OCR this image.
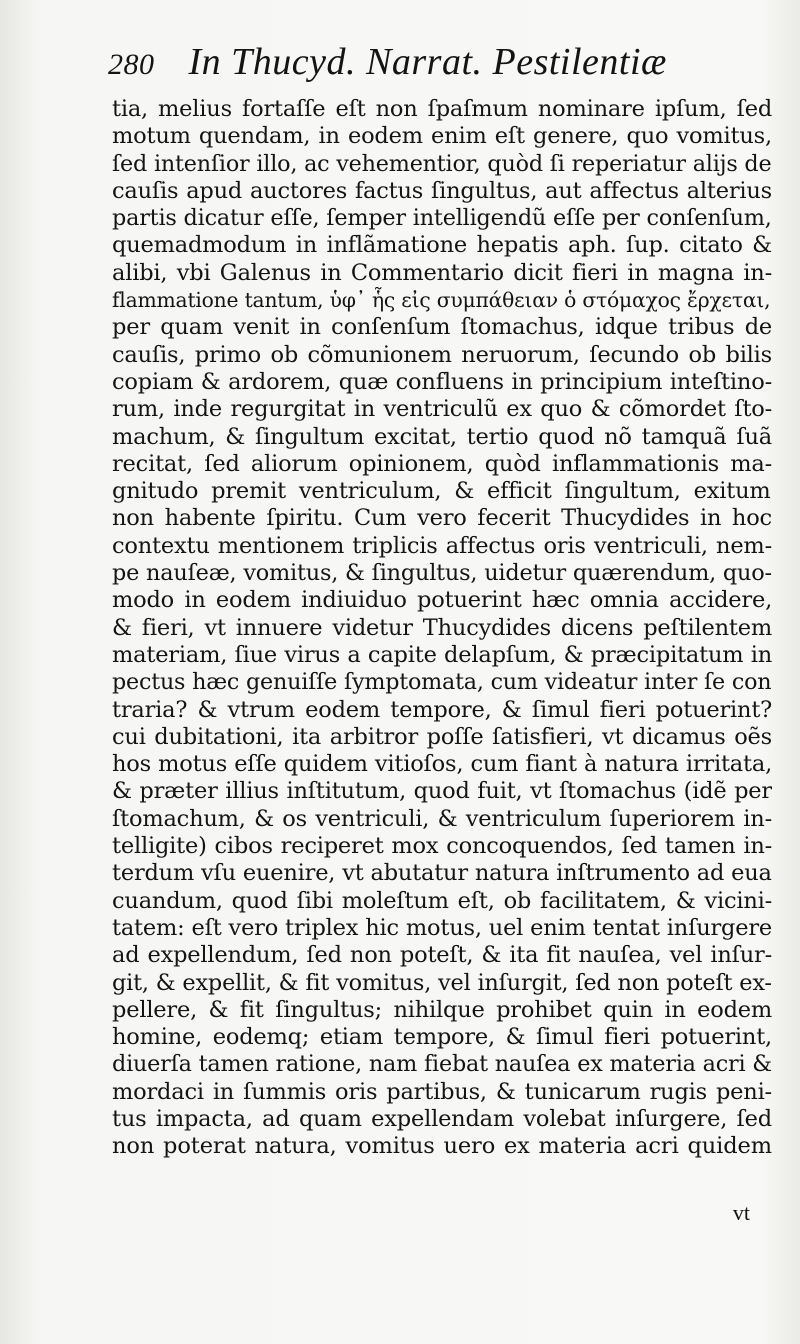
280 In Thucyd. Narrat. Pestilentiæ
tia, melius fortaſſe eſt non ſpaſmum nominare ipſum, ſed
motum quendam, in eodem enim eſt genere, quo vomitus,
ſed intenſior illo, ac vehementior, quòd ſi reperiatur alijs de
cauſis apud auctores factus ſingultus, aut affectus alterius
partis dicatur eſſe, ſemper intelligendũ eſſe per conſenſum,
quemadmodum in inflãmatione hepatis aph. ſup. citato &
alibi, vbi Galenus in Commentario dicit fieri in magna in-
flammatione tantum, ὑφ᾽ ἧς εἰς συμπάθειαν ὁ στόμαχος ἔρχεται,
per quam venit in conſenſum ſtomachus, idque tribus de
cauſis, primo ob cõmunionem neruorum, ſecundo ob bilis
copiam & ardorem, quæ confluens in principium inteſtino-
rum, inde regurgitat in ventriculũ ex quo & cõmordet ſto-
machum, & ſingultum excitat, tertio quod nõ tamquã ſuã
recitat, ſed aliorum opinionem, quòd inflammationis ma-
gnitudo premit ventriculum, & efficit ſingultum, exitum
non habente ſpiritu. Cum vero fecerit Thucydides in hoc
contextu mentionem triplicis affectus oris ventriculi, nem-
pe nauſeæ, vomitus, & ſingultus, uidetur quærendum, quo-
modo in eodem indiuiduo potuerint hæc omnia accidere,
& fieri, vt innuere videtur Thucydides dicens peſtilentem
materiam, ſiue virus a capite delapſum, & præcipitatum in
pectus hæc genuiſſe ſymptomata, cum videatur inter ſe con
traria? & vtrum eodem tempore, & ſimul fieri potuerint?
cui dubitationi, ita arbitror poſſe ſatisfieri, vt dicamus oẽs
hos motus eſſe quidem vitioſos, cum fiant à natura irritata,
& præter illius inſtitutum, quod fuit, vt ſtomachus (idẽ per
ſtomachum, & os ventriculi, & ventriculum ſuperiorem in-
telligite) cibos reciperet mox concoquendos, ſed tamen in-
terdum vſu euenire, vt abutatur natura inſtrumento ad eua
cuandum, quod ſibi moleſtum eſt, ob facilitatem, & vicini-
tatem: eſt vero triplex hic motus, uel enim tentat inſurgere
ad expellendum, ſed non poteſt, & ita fit nauſea, vel inſur-
git, & expellit, & fit vomitus, vel inſurgit, ſed non poteſt ex-
pellere, & fit ſingultus; nihilque prohibet quin in eodem
homine, eodemq; etiam tempore, & ſimul fieri potuerint,
diuerſa tamen ratione, nam fiebat nauſea ex materia acri &
mordaci in ſummis oris partibus, & tunicarum rugis peni-
tus impacta, ad quam expellendam volebat inſurgere, ſed
non poterat natura, vomitus uero ex materia acri quidem
vt
